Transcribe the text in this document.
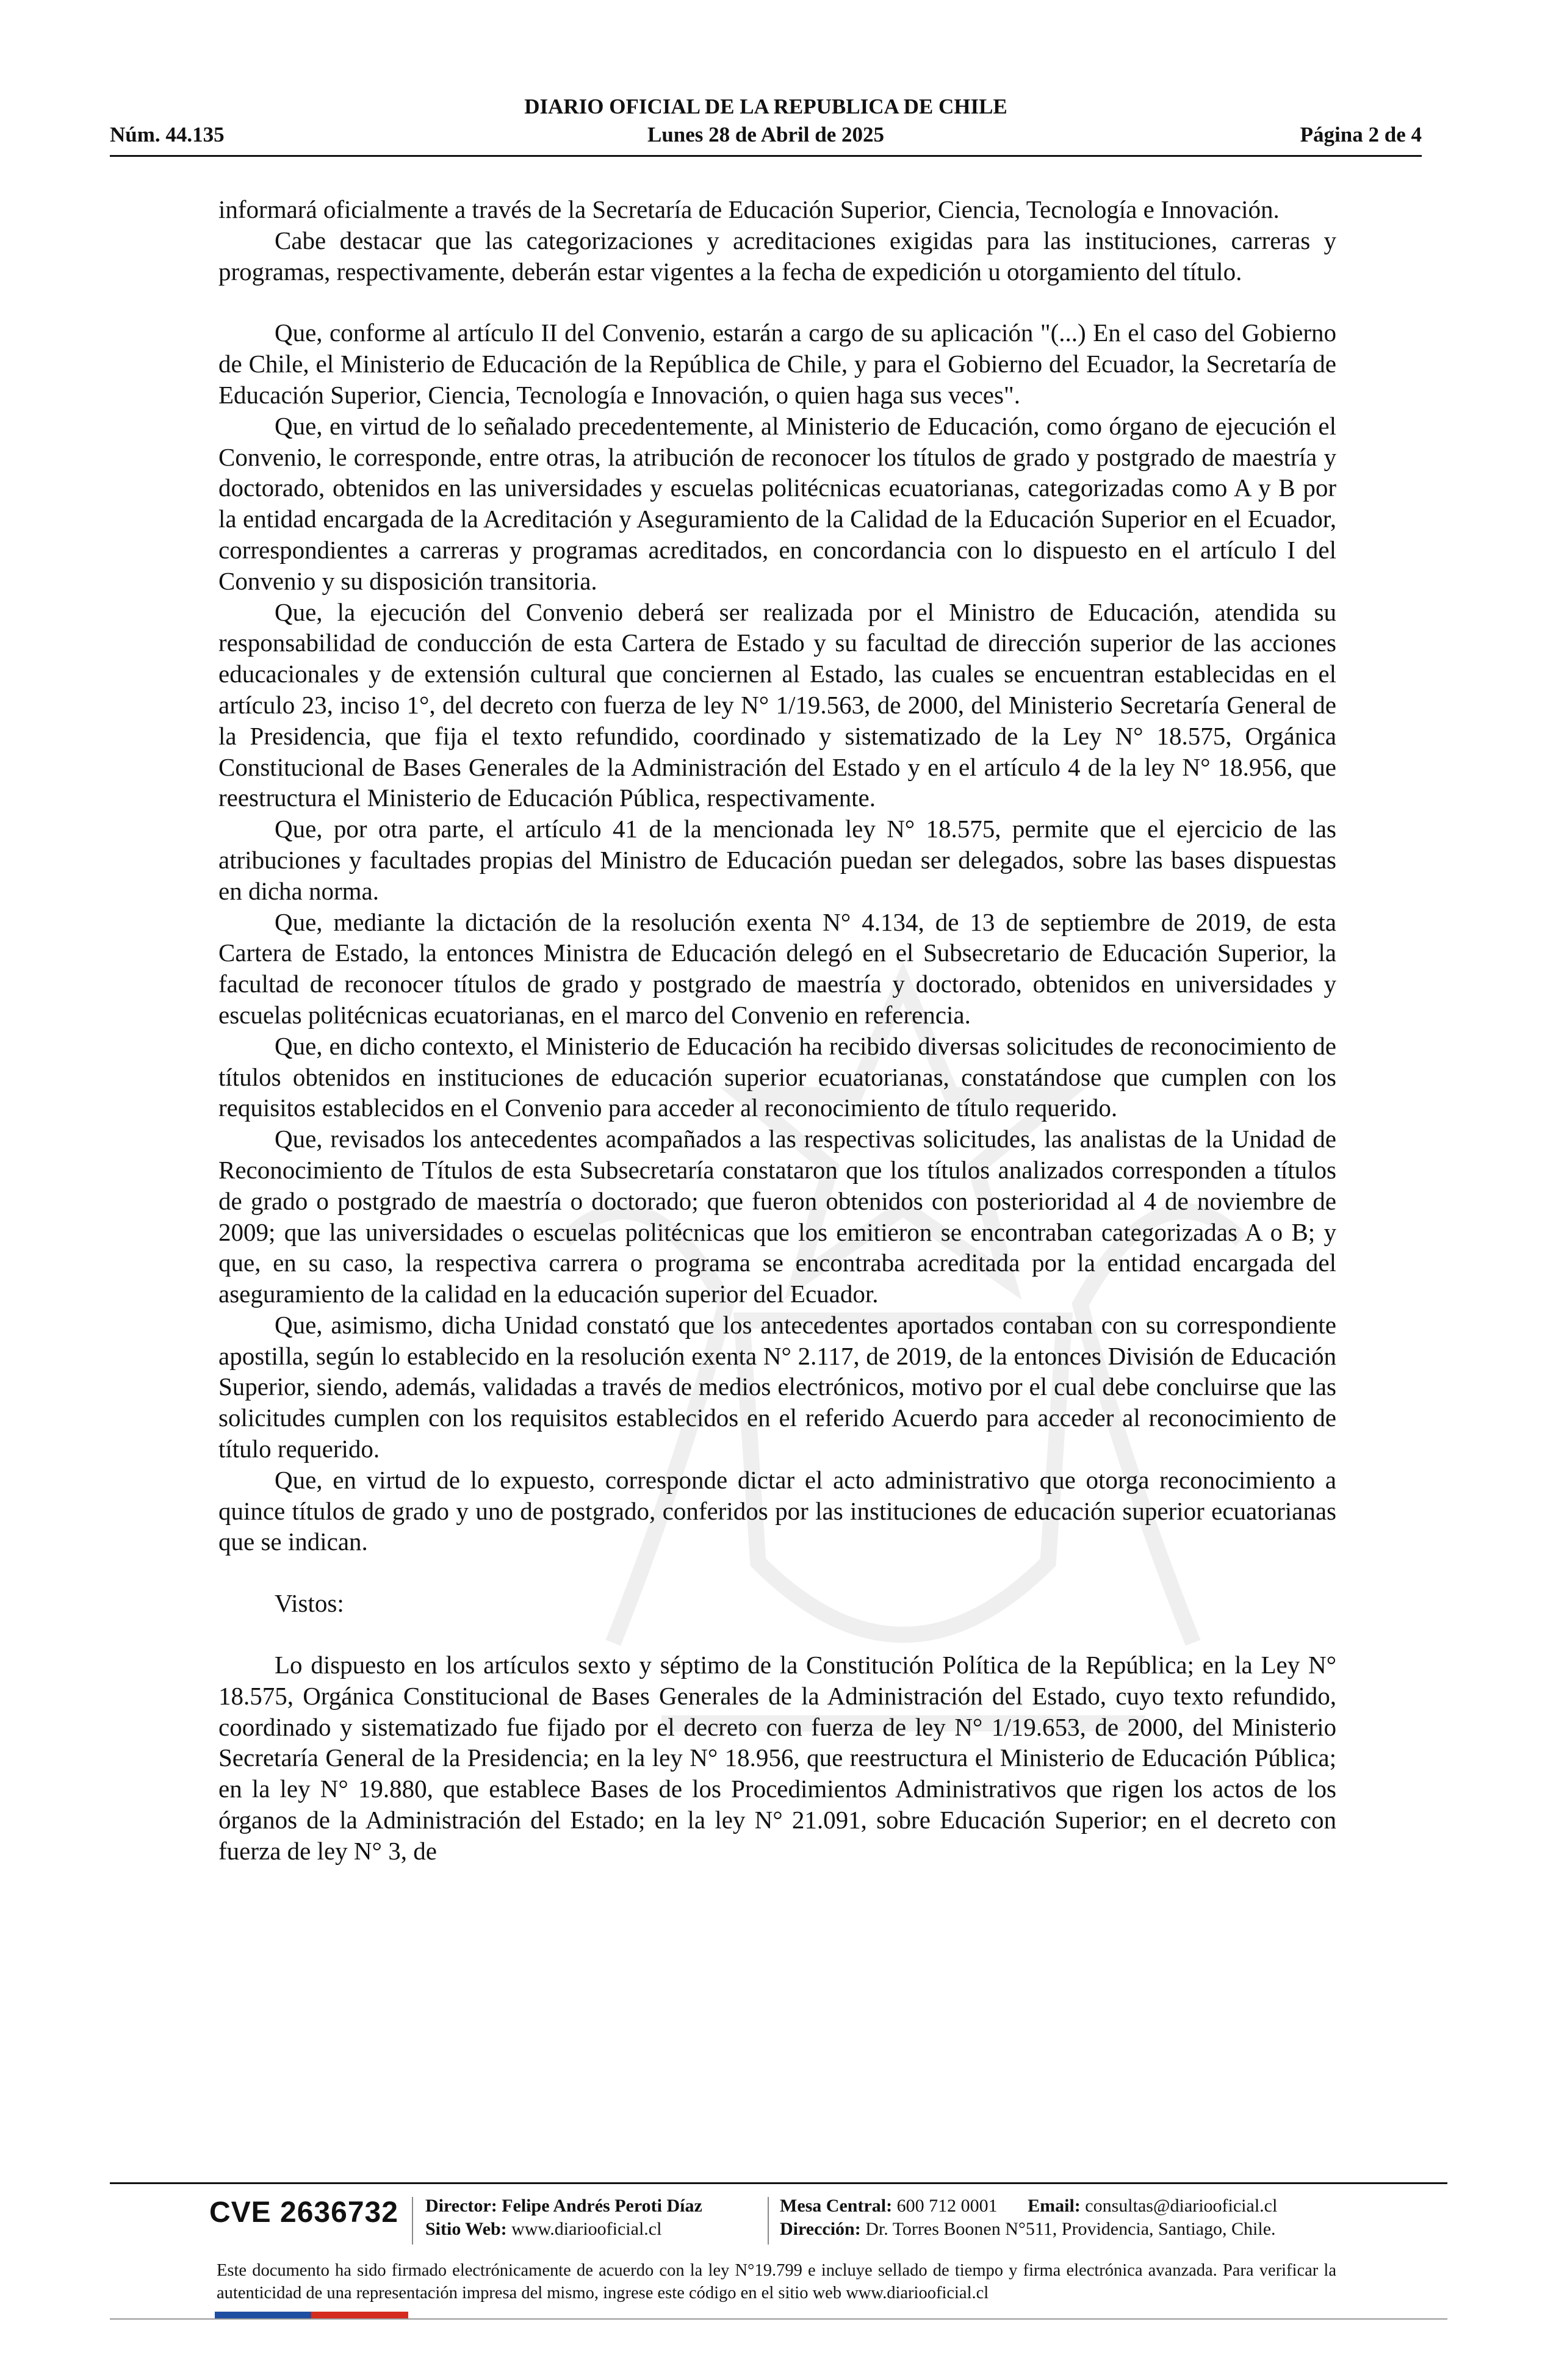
DIARIO OFICIAL DE LA REPUBLICA DE CHILE
Núm. 44.135	Lunes 28 de Abril de 2025	Página 2 de 4

informará oficialmente a través de la Secretaría de Educación Superior, Ciencia, Tecnología e Innovación.

Cabe destacar que las categorizaciones y acreditaciones exigidas para las instituciones, carreras y programas, respectivamente, deberán estar vigentes a la fecha de expedición u otorgamiento del título.

Que, conforme al artículo II del Convenio, estarán a cargo de su aplicación "(...) En el caso del Gobierno de Chile, el Ministerio de Educación de la República de Chile, y para el Gobierno del Ecuador, la Secretaría de Educación Superior, Ciencia, Tecnología e Innovación, o quien haga sus veces".

Que, en virtud de lo señalado precedentemente, al Ministerio de Educación, como órgano de ejecución el Convenio, le corresponde, entre otras, la atribución de reconocer los títulos de grado y postgrado de maestría y doctorado, obtenidos en las universidades y escuelas politécnicas ecuatorianas, categorizadas como A y B por la entidad encargada de la Acreditación y Aseguramiento de la Calidad de la Educación Superior en el Ecuador, correspondientes a carreras y programas acreditados, en concordancia con lo dispuesto en el artículo I del Convenio y su disposición transitoria.

Que, la ejecución del Convenio deberá ser realizada por el Ministro de Educación, atendida su responsabilidad de conducción de esta Cartera de Estado y su facultad de dirección superior de las acciones educacionales y de extensión cultural que conciernen al Estado, las cuales se encuentran establecidas en el artículo 23, inciso 1°, del decreto con fuerza de ley N° 1/19.563, de 2000, del Ministerio Secretaría General de la Presidencia, que fija el texto refundido, coordinado y sistematizado de la Ley N° 18.575, Orgánica Constitucional de Bases Generales de la Administración del Estado y en el artículo 4 de la ley N° 18.956, que reestructura el Ministerio de Educación Pública, respectivamente.

Que, por otra parte, el artículo 41 de la mencionada ley N° 18.575, permite que el ejercicio de las atribuciones y facultades propias del Ministro de Educación puedan ser delegados, sobre las bases dispuestas en dicha norma.

Que, mediante la dictación de la resolución exenta N° 4.134, de 13 de septiembre de 2019, de esta Cartera de Estado, la entonces Ministra de Educación delegó en el Subsecretario de Educación Superior, la facultad de reconocer títulos de grado y postgrado de maestría y doctorado, obtenidos en universidades y escuelas politécnicas ecuatorianas, en el marco del Convenio en referencia.

Que, en dicho contexto, el Ministerio de Educación ha recibido diversas solicitudes de reconocimiento de títulos obtenidos en instituciones de educación superior ecuatorianas, constatándose que cumplen con los requisitos establecidos en el Convenio para acceder al reconocimiento de título requerido.

Que, revisados los antecedentes acompañados a las respectivas solicitudes, las analistas de la Unidad de Reconocimiento de Títulos de esta Subsecretaría constataron que los títulos analizados corresponden a títulos de grado o postgrado de maestría o doctorado; que fueron obtenidos con posterioridad al 4 de noviembre de 2009; que las universidades o escuelas politécnicas que los emitieron se encontraban categorizadas A o B; y que, en su caso, la respectiva carrera o programa se encontraba acreditada por la entidad encargada del aseguramiento de la calidad en la educación superior del Ecuador.

Que, asimismo, dicha Unidad constató que los antecedentes aportados contaban con su correspondiente apostilla, según lo establecido en la resolución exenta N° 2.117, de 2019, de la entonces División de Educación Superior, siendo, además, validadas a través de medios electrónicos, motivo por el cual debe concluirse que las solicitudes cumplen con los requisitos establecidos en el referido Acuerdo para acceder al reconocimiento de título requerido.

Que, en virtud de lo expuesto, corresponde dictar el acto administrativo que otorga reconocimiento a quince títulos de grado y uno de postgrado, conferidos por las instituciones de educación superior ecuatorianas que se indican.

Vistos:

Lo dispuesto en los artículos sexto y séptimo de la Constitución Política de la República; en la Ley N° 18.575, Orgánica Constitucional de Bases Generales de la Administración del Estado, cuyo texto refundido, coordinado y sistematizado fue fijado por el decreto con fuerza de ley N° 1/19.653, de 2000, del Ministerio Secretaría General de la Presidencia; en la ley N° 18.956, que reestructura el Ministerio de Educación Pública; en la ley N° 19.880, que establece Bases de los Procedimientos Administrativos que rigen los actos de los órganos de la Administración del Estado; en la ley N° 21.091, sobre Educación Superior; en el decreto con fuerza de ley N° 3, de

CVE 2636732 Director: Felipe Andrés Peroti Díaz
Sitio Web: www.diariooficial.cl
Mesa Central: 600 712 0001 Email: consultas@diariooficial.cl
Dirección: Dr. Torres Boonen N°511, Providencia, Santiago, Chile.
Este documento ha sido firmado electrónicamente de acuerdo con la ley N°19.799 e incluye sellado de tiempo y firma electrónica avanzada. Para verificar la autenticidad de una representación impresa del mismo, ingrese este código en el sitio web www.diariooficial.cl
